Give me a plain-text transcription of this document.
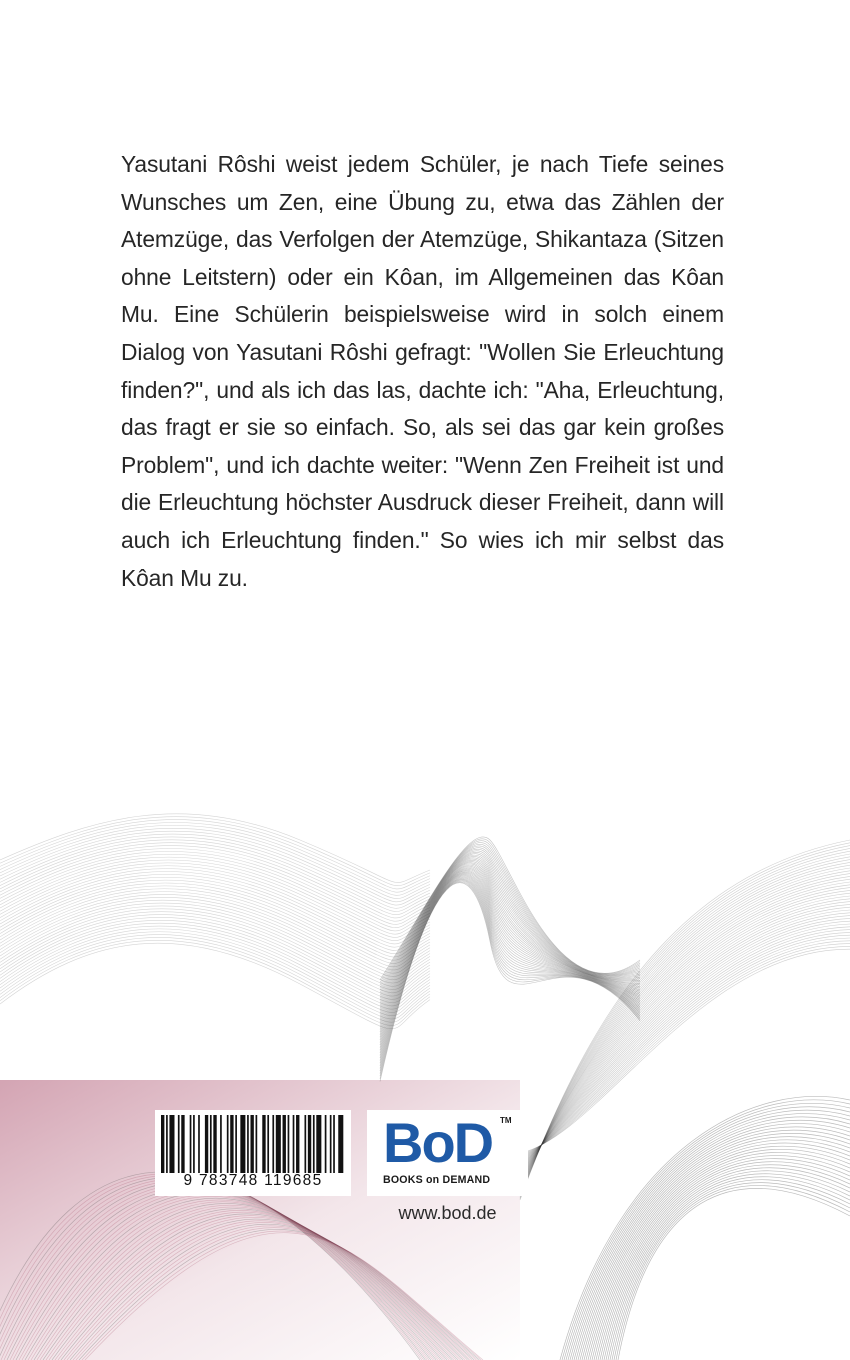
Yasutani Rôshi weist jedem Schüler, je nach Tiefe seines Wunsches um Zen, eine Übung zu, etwa das Zählen der Atemzüge, das Verfolgen der Atemzüge, Shikantaza (Sitzen ohne Leitstern) oder ein Kôan, im Allgemeinen das Kôan Mu. Eine Schülerin beispielsweise wird in solch einem Dialog von Yasutani Rôshi gefragt: "Wollen Sie Erleuchtung finden?", und als ich das las, dachte ich: "Aha, Erleuchtung, das fragt er sie so einfach. So, als sei das gar kein großes Problem", und ich dachte weiter: "Wenn Zen Freiheit ist und die Erleuchtung höchster Ausdruck dieser Freiheit, dann will auch ich Erleuchtung finden." So wies ich mir selbst das Kôan Mu zu.

9 783748 119685
BoD TM
BOOKS on DEMAND
www.bod.de
